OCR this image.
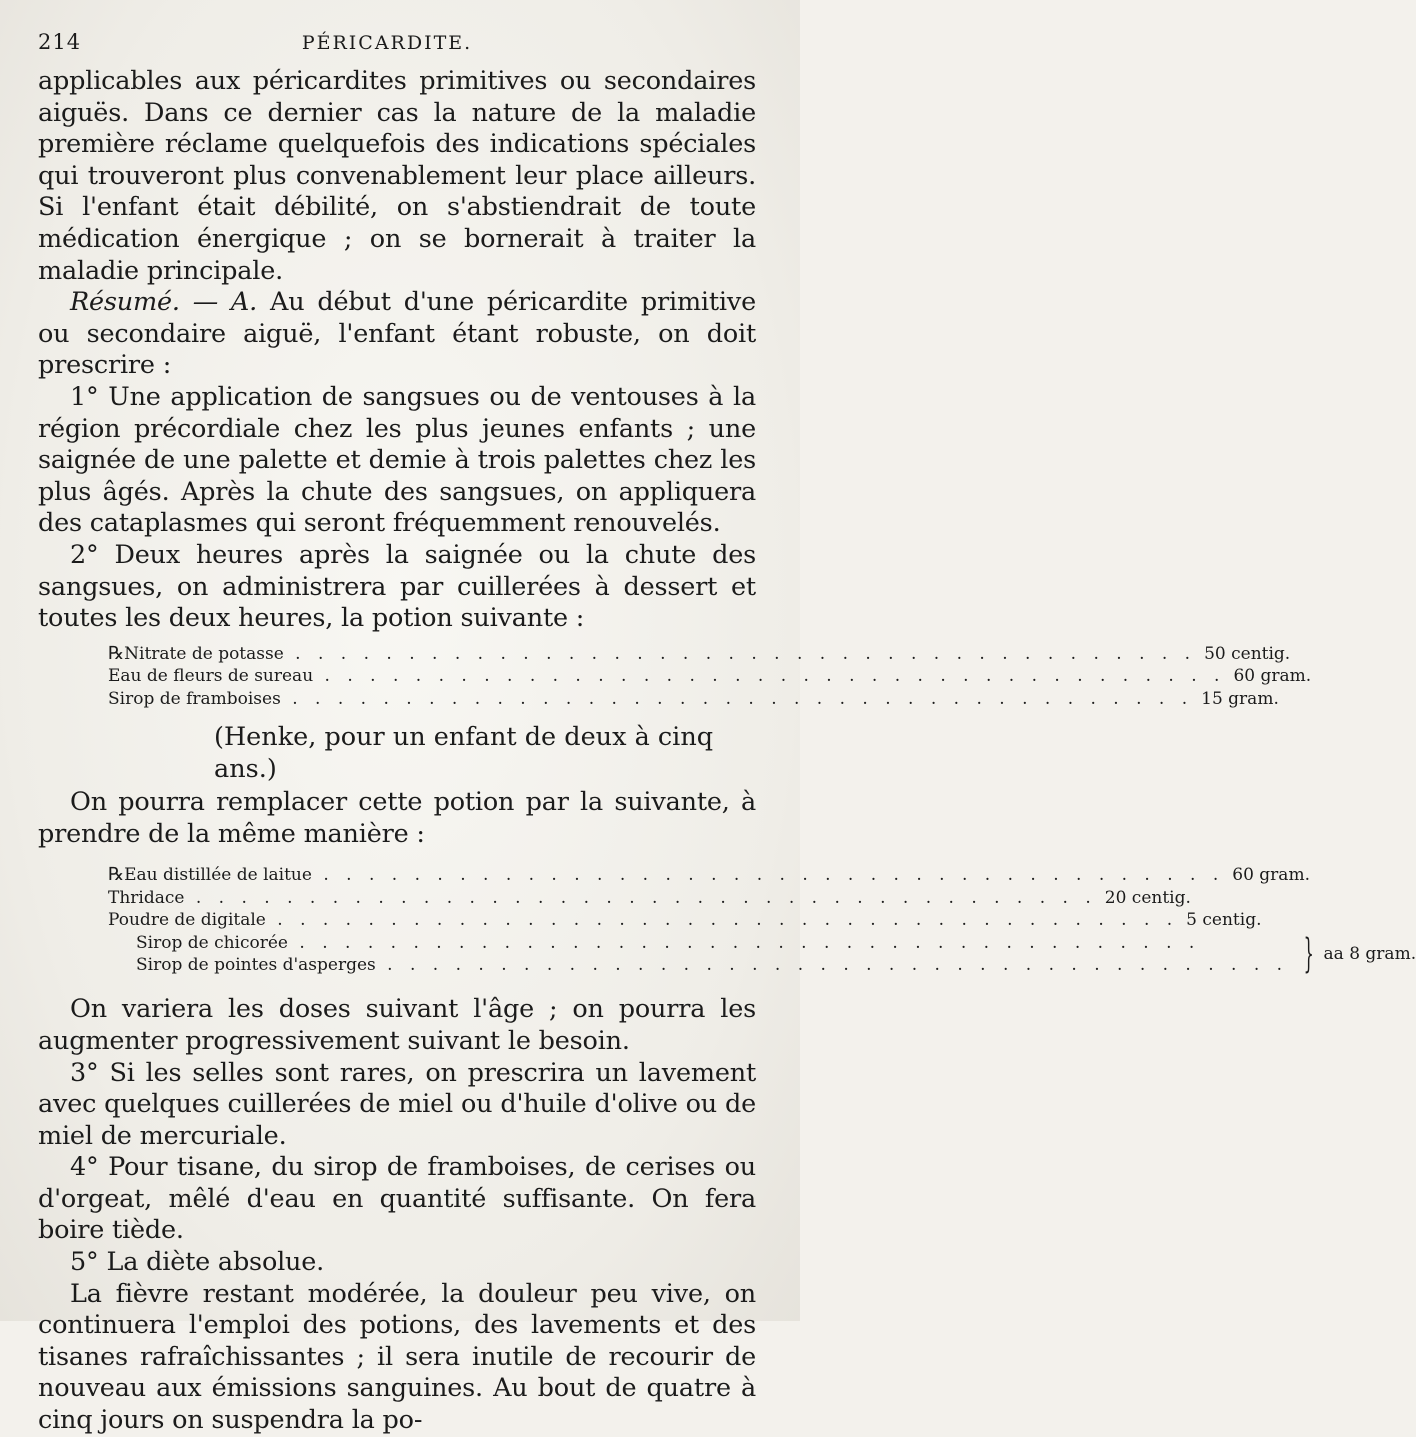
214	PÉRICARDITE.

applicables aux péricardites primitives ou secondaires aiguës. Dans ce dernier cas la nature de la maladie première réclame quelquefois des indications spéciales qui trouveront plus convenablement leur place ailleurs. Si l'enfant était débilité, on s'abstiendrait de toute médication énergique ; on se bornerait à traiter la maladie principale.

Résumé. — A. Au début d'une péricardite primitive ou secondaire aiguë, l'enfant étant robuste, on doit prescrire :

1° Une application de sangsues ou de ventouses à la région précordiale chez les plus jeunes enfants ; une saignée de une palette et demie à trois palettes chez les plus âgés. Après la chute des sangsues, on appliquera des cataplasmes qui seront fréquemment renouvelés.

2° Deux heures après la saignée ou la chute des sangsues, on administrera par cuillerées à dessert et toutes les deux heures, la potion suivante :

℞ Nitrate de potasse . . .	50 centig.
Eau de fleurs de sureau . . .	60 gram.
Sirop de framboises . . .	15 gram.
(Henke, pour un enfant de deux à cinq ans.)

On pourra remplacer cette potion par la suivante, à prendre de la même manière :

℞ Eau distillée de laitue . . .	60 gram.
Thridace . . .	20 centig.
Poudre de digitale . . .	5 centig.
Sirop de chicorée . . .
Sirop de pointes d'asperges . . .	} aa 8 gram.

On variera les doses suivant l'âge ; on pourra les augmenter progressivement suivant le besoin.

3° Si les selles sont rares, on prescrira un lavement avec quelques cuillerées de miel ou d'huile d'olive ou de miel de mercuriale.

4° Pour tisane, du sirop de framboises, de cerises ou d'orgeat, mêlé d'eau en quantité suffisante. On fera boire tiède.

5° La diète absolue.

La fièvre restant modérée, la douleur peu vive, on continuera l'emploi des potions, des lavements et des tisanes rafraîchissantes ; il sera inutile de recourir de nouveau aux émissions sanguines. Au bout de quatre à cinq jours on suspendra la po-
